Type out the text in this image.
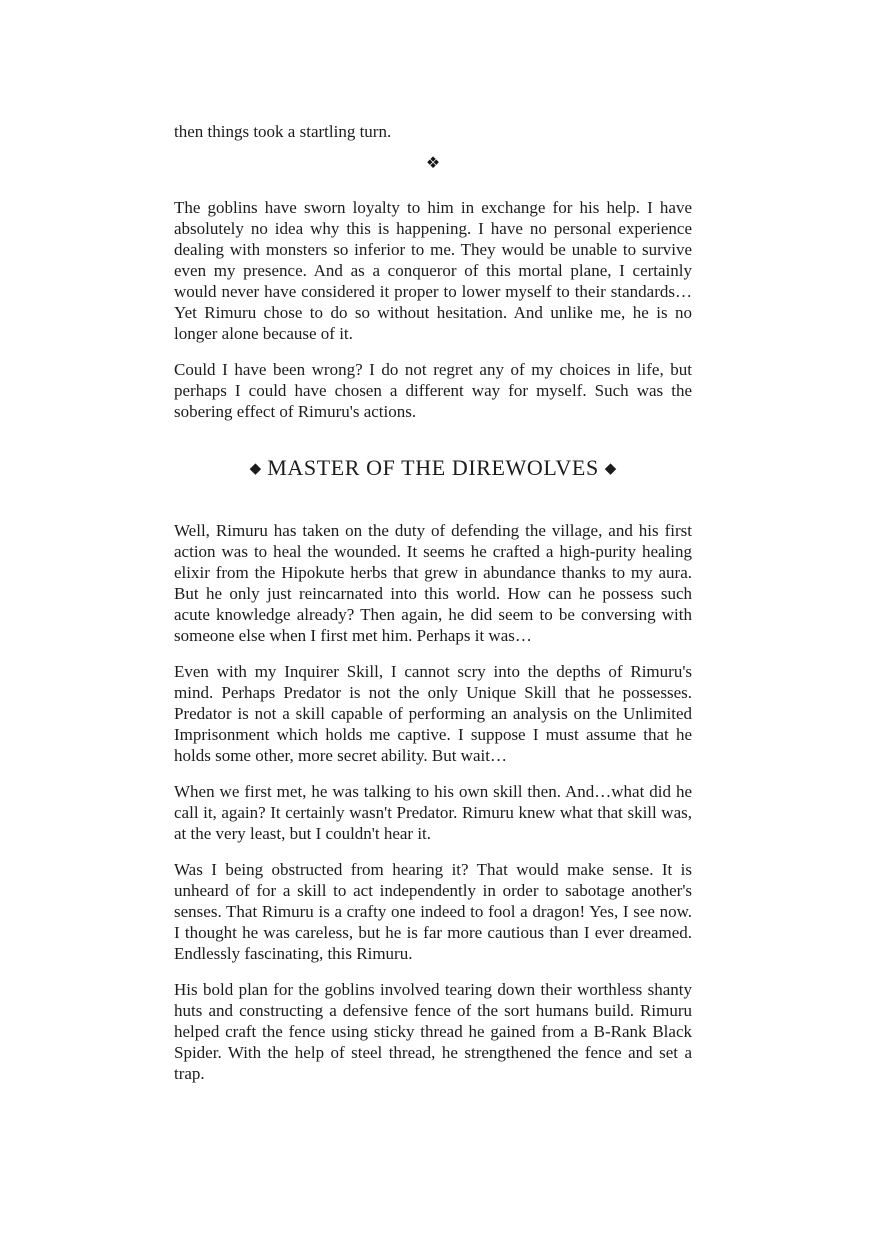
then things took a startling turn.

❖

The goblins have sworn loyalty to him in exchange for his help. I have absolutely no idea why this is happening. I have no personal experience dealing with monsters so inferior to me. They would be unable to survive even my presence. And as a conqueror of this mortal plane, I certainly would never have considered it proper to lower myself to their standards… Yet Rimuru chose to do so without hesitation. And unlike me, he is no longer alone because of it.

Could I have been wrong? I do not regret any of my choices in life, but perhaps I could have chosen a different way for myself. Such was the sobering effect of Rimuru's actions.

◆ MASTER OF THE DIREWOLVES ◆

Well, Rimuru has taken on the duty of defending the village, and his first action was to heal the wounded. It seems he crafted a high-purity healing elixir from the Hipokute herbs that grew in abundance thanks to my aura. But he only just reincarnated into this world. How can he possess such acute knowledge already? Then again, he did seem to be conversing with someone else when I first met him. Perhaps it was…

Even with my Inquirer Skill, I cannot scry into the depths of Rimuru's mind. Perhaps Predator is not the only Unique Skill that he possesses. Predator is not a skill capable of performing an analysis on the Unlimited Imprisonment which holds me captive. I suppose I must assume that he holds some other, more secret ability. But wait…

When we first met, he was talking to his own skill then. And…what did he call it, again? It certainly wasn't Predator. Rimuru knew what that skill was, at the very least, but I couldn't hear it.

Was I being obstructed from hearing it? That would make sense. It is unheard of for a skill to act independently in order to sabotage another's senses. That Rimuru is a crafty one indeed to fool a dragon! Yes, I see now. I thought he was careless, but he is far more cautious than I ever dreamed. Endlessly fascinating, this Rimuru.

His bold plan for the goblins involved tearing down their worthless shanty huts and constructing a defensive fence of the sort humans build. Rimuru helped craft the fence using sticky thread he gained from a B-Rank Black Spider. With the help of steel thread, he strengthened the fence and set a trap.
